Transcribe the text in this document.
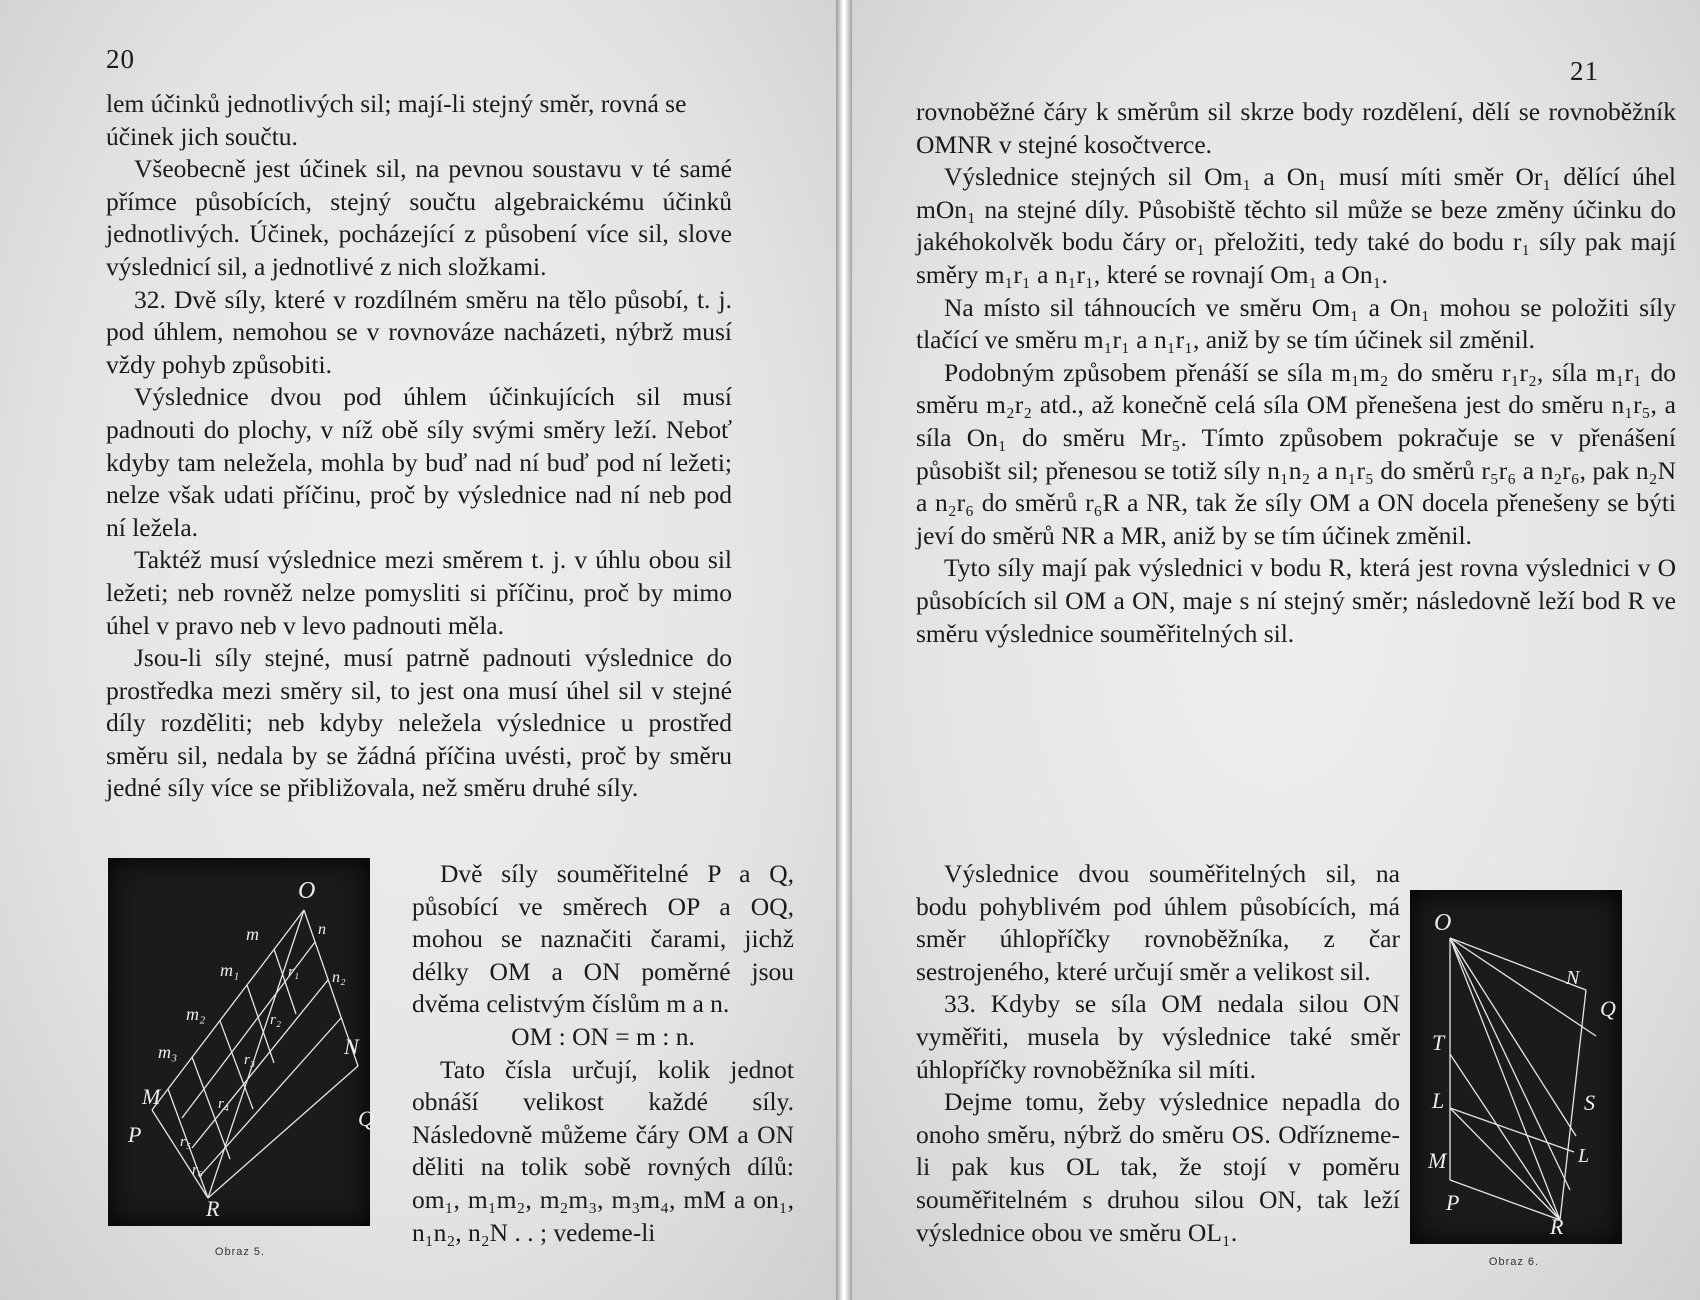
20

lem účinků jednotlivých sil; mají-li stejný směr, rovná se

účinek jich součtu.

Všeobecně jest účinek sil, na pevnou soustavu v té samé přímce působících, stejný součtu algebraickému účinků jednotlivých. Účinek, pocházející z působení více sil, slove výslednicí sil, a jednotlivé z nich složkami.

32. Dvě síly, které v rozdílném směru na tělo působí, t. j. pod úhlem, nemohou se v rovnováze nacházeti, nýbrž musí vždy pohyb způsobiti.

Výslednice dvou pod úhlem účinkujících sil musí padnouti do plochy, v níž obě síly svými směry leží. Neboť kdyby tam neležela, mohla by buď nad ní buď pod ní ležeti; nelze však udati příčinu, proč by výslednice nad ní neb pod ní ležela.

Taktéž musí výslednice mezi směrem t. j. v úhlu obou sil ležeti; neb rovněž nelze pomysliti si příčinu, proč by mimo úhel v pravo neb v levo padnouti měla.

Jsou-li síly stejné, musí patrně padnouti výslednice do prostředka mezi směry sil, to jest ona musí úhel sil v stejné díly rozděliti; neb kdyby neležela výslednice u prostřed směru sil, nedala by se žádná příčina uvésti, proč by směru jedné síly více se přibližovala, než směru druhé síly.

O
m
m₁
m₂
m₃
M
P
n
n₂
N
Q
r₁
r₂
r₃
r₄
r₅
r₆
R
Obraz 5.

Dvě síly souměřitelné P a Q, působící ve směrech OP a OQ, mohou se naznačiti čarami, jichž délky OM a ON poměrné jsou dvěma celistvým číslům m a n.

OM : ON = m : n.

Tato čísla určují, kolik jednot obnáší velikost každé síly. Následovně můžeme čáry OM a ON děliti na tolik sobě rovných dílů: om₁, m₁m₂, m₂m₃, m₃m₄, mM a on₁, n₁n₂, n₂N . . ; vedeme-li

21

rovnoběžné čáry k směrům sil skrze body rozdělení, dělí se rovnoběžník OMNR v stejné kosočtverce.

Výslednice stejných sil Om₁ a On₁ musí míti směr Or₁ dělící úhel mOn₁ na stejné díly. Působiště těchto sil může se beze změny účinku do jakéhokolvěk bodu čáry or₁ přeložiti, tedy také do bodu r₁ síly pak mají směry m₁r₁ a n₁r₁, které se rovnají Om₁ a On₁.

Na místo sil táhnoucích ve směru Om₁ a On₁ mohou se položiti síly tlačící ve směru m₁r₁ a n₁r₁, aniž by se tím účinek sil změnil.

Podobným způsobem přenáší se síla m₁m₂ do směru r₁r₂, síla m₁r₁ do směru m₂r₂ atd., až konečně celá síla OM přenešena jest do směru n₁r₅, a síla On₁ do směru Mr₅. Tímto způsobem pokračuje se v přenášení působišt sil; přenesou se totiž síly n₁n₂ a n₁r₅ do směrů r₅r₆ a n₂r₆, pak n₂N a n₂r₆ do směrů r₆R a NR, tak že síly OM a ON docela přenešeny se býti jeví do směrů NR a MR, aniž by se tím účinek změnil.

Tyto síly mají pak výslednici v bodu R, která jest rovna výslednici v O působících sil OM a ON, maje s ní stejný směr; následovně leží bod R ve směru výslednice souměřitelných sil.

Výslednice dvou souměřitelných sil, na bodu pohyblivém pod úhlem působících, má směr úhlopříčky rovnoběžníka, z čar sestrojeného, které určují směr a velikost sil.

33. Kdyby se síla OM nedala silou ON vyměřiti, musela by výslednice také směr úhlopříčky rovnoběžníka sil míti.

Dejme tomu, žeby výslednice nepadla do onoho směru, nýbrž do směru OS. Odřízneme-li pak kus OL tak, že stojí v poměru souměřitelném s druhou silou ON, tak leží výslednice obou ve směru OL₁.

O
N
Q
T
L	S
M	L
P
R
Obraz 6.
